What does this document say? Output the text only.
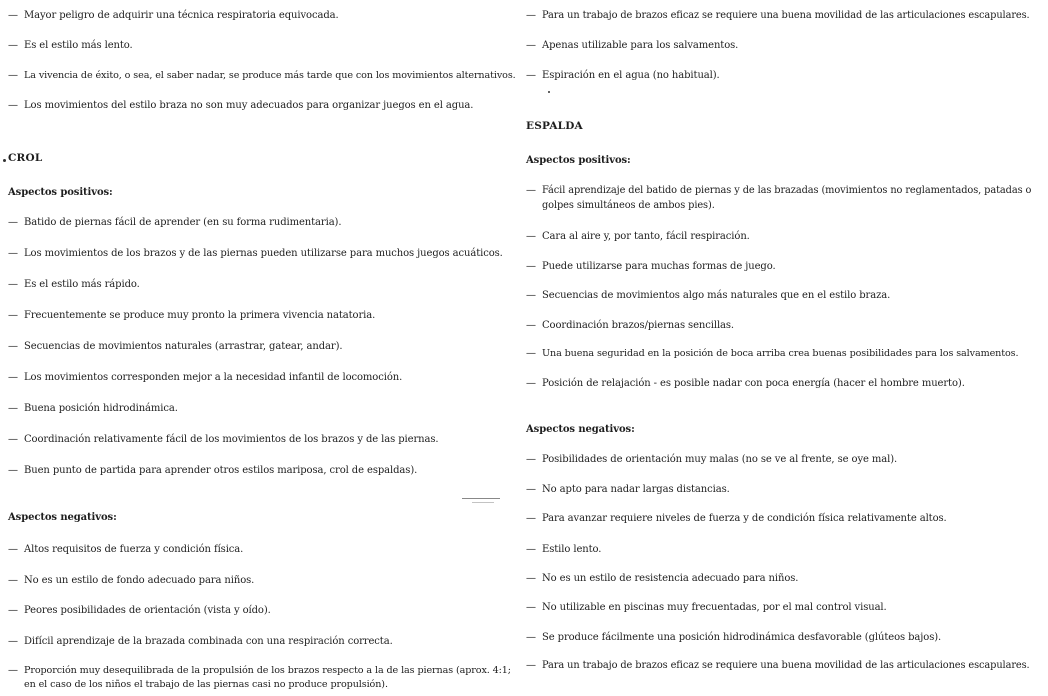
— Mayor peligro de adquirir una técnica respiratoria equivocada.
— Es el estilo más lento.
— La vivencia de éxito, o sea, el saber nadar, se produce más tarde que con los movimientos alternativos.
— Los movimientos del estilo braza no son muy adecuados para organizar juegos en el agua.
CROL
Aspectos positivos:
— Batido de piernas fácil de aprender (en su forma rudimentaria).
— Los movimientos de los brazos y de las piernas pueden utilizarse para muchos juegos acuáticos.
— Es el estilo más rápido.
— Frecuentemente se produce muy pronto la primera vivencia natatoria.
— Secuencias de movimientos naturales (arrastrar, gatear, andar).
— Los movimientos corresponden mejor a la necesidad infantil de locomoción.
— Buena posición hidrodinámica.
— Coordinación relativamente fácil de los movimientos de los brazos y de las piernas.
— Buen punto de partida para aprender otros estilos mariposa, crol de espaldas).
Aspectos negativos:
— Altos requisitos de fuerza y condición física.
— No es un estilo de fondo adecuado para niños.
— Peores posibilidades de orientación (vista y oído).
— Difícil aprendizaje de la brazada combinada con una respiración correcta.
— Proporción muy desequilibrada de la propulsión de los brazos respecto a la de las piernas (aprox. 4:1; en el caso de los niños el trabajo de las piernas casi no produce propulsión).
— Para un trabajo de brazos eficaz se requiere una buena movilidad de las articulaciones escapulares.
— Apenas utilizable para los salvamentos.
— Espiración en el agua (no habitual).
ESPALDA
Aspectos positivos:
— Fácil aprendizaje del batido de piernas y de las brazadas (movimientos no reglamentados, patadas o golpes simultáneos de ambos pies).
— Cara al aire y, por tanto, fácil respiración.
— Puede utilizarse para muchas formas de juego.
— Secuencias de movimientos algo más naturales que en el estilo braza.
— Coordinación brazos/piernas sencillas.
— Una buena seguridad en la posición de boca arriba crea buenas posibilidades para los salvamentos.
— Posición de relajación - es posible nadar con poca energía (hacer el hombre muerto).
Aspectos negativos:
— Posibilidades de orientación muy malas (no se ve al frente, se oye mal).
— No apto para nadar largas distancias.
— Para avanzar requiere niveles de fuerza y de condición física relativamente altos.
— Estilo lento.
— No es un estilo de resistencia adecuado para niños.
— No utilizable en piscinas muy frecuentadas, por el mal control visual.
— Se produce fácilmente una posición hidrodinámica desfavorable (glúteos bajos).
— Para un trabajo de brazos eficaz se requiere una buena movilidad de las articulaciones escapulares.
